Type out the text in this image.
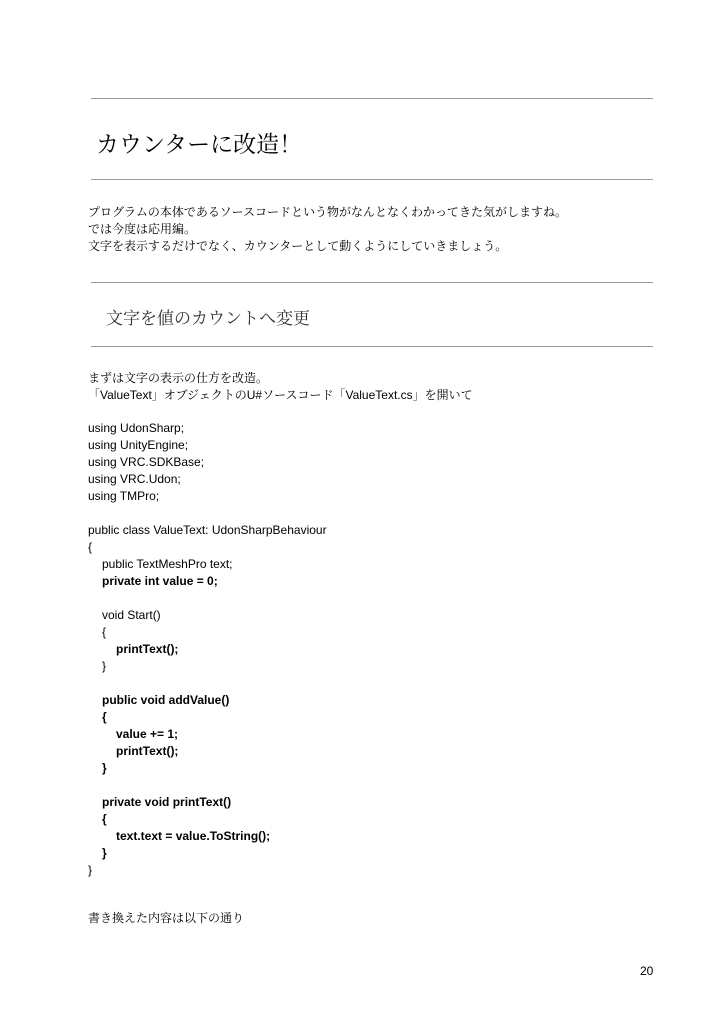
カウンターに改造！
プログラムの本体であるソースコードという物がなんとなくわかってきた気がしますね。
では今度は応用編。
文字を表示するだけでなく、カウンターとして動くようにしていきましょう。
文字を値のカウントへ変更
まずは文字の表示の仕方を改造。
「ValueText」オブジェクトのU#ソースコード「ValueText.cs」を開いて
using UdonSharp;
using UnityEngine;
using VRC.SDKBase;
using VRC.Udon;
using TMPro;
public class ValueText: UdonSharpBehaviour
{
public TextMeshPro text;
private int value = 0;
void Start()
{
printText();
}
public void addValue()
{
value += 1;
printText();
}
private void printText()
{
text.text = value.ToString();
}
}
書き換えた内容は以下の通り
20
